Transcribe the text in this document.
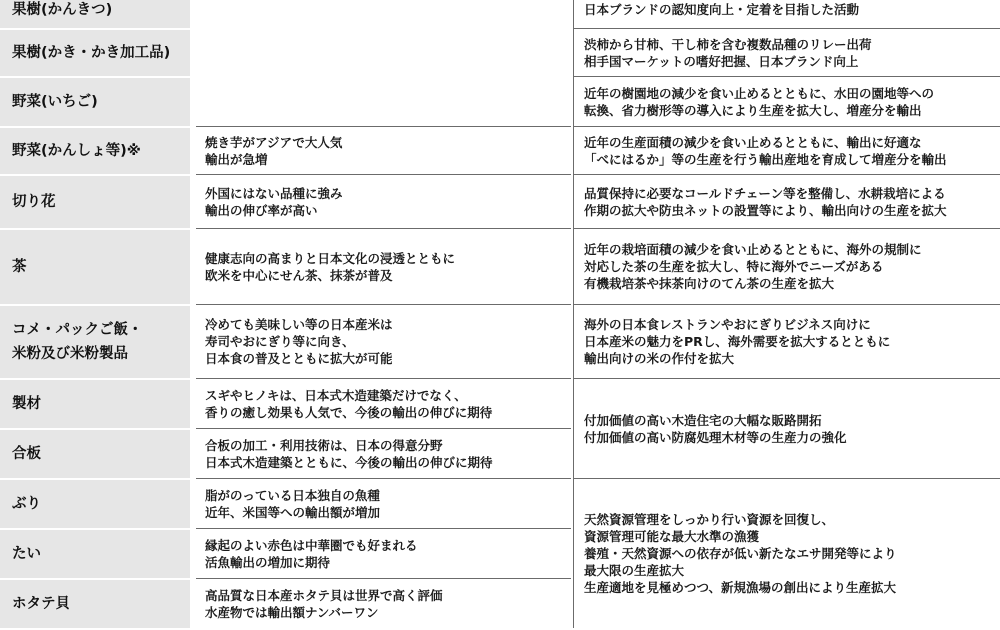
果樹(かんきつ)	日本ブランドの認知度向上・定着を目指した活動
果樹(かき・かき加工品)
渋柿から甘柿、干し柿を含む複数品種のリレー出荷
相手国マーケットの嗜好把握、日本ブランド向上
野菜(いちご)
近年の樹園地の減少を食い止めるとともに、水田の園地等への
転換、省力樹形等の導入により生産を拡大し、増産分を輸出
野菜(かんしょ等)※
焼き芋がアジアで大人気
輸出が急増
近年の生産面積の減少を食い止めるとともに、輸出に好適な
「べにはるか」等の生産を行う輸出産地を育成して増産分を輸出
切り花
外国にはない品種に強み
輸出の伸び率が高い
品質保持に必要なコールドチェーン等を整備し、水耕栽培による
作期の拡大や防虫ネットの設置等により、輸出向けの生産を拡大
茶
健康志向の高まりと日本文化の浸透とともに
欧米を中心にせん茶、抹茶が普及
近年の栽培面積の減少を食い止めるとともに、海外の規制に
対応した茶の生産を拡大し、特に海外でニーズがある
有機栽培茶や抹茶向けのてん茶の生産を拡大
コメ・パックご飯・
米粉及び米粉製品
冷めても美味しい等の日本産米は
寿司やおにぎり等に向き、
日本食の普及とともに拡大が可能
海外の日本食レストランやおにぎりビジネス向けに
日本産米の魅力をPRし、海外需要を拡大するとともに
輸出向けの米の作付を拡大
製材
スギやヒノキは、日本式木造建築だけでなく、
香りの癒し効果も人気で、今後の輸出の伸びに期待
合板
合板の加工・利用技術は、日本の得意分野
日本式木造建築とともに、今後の輸出の伸びに期待
付加価値の高い木造住宅の大幅な販路開拓
付加価値の高い防腐処理木材等の生産力の強化
ぶり
脂がのっている日本独自の魚種
近年、米国等への輸出額が増加
たい
縁起のよい赤色は中華圏でも好まれる
活魚輸出の増加に期待
ホタテ貝
高品質な日本産ホタテ貝は世界で高く評価
水産物では輸出額ナンバーワン
天然資源管理をしっかり行い資源を回復し、
資源管理可能な最大水準の漁獲
養殖・天然資源への依存が低い新たなエサ開発等により
最大限の生産拡大
生産適地を見極めつつ、新規漁場の創出により生産拡大
